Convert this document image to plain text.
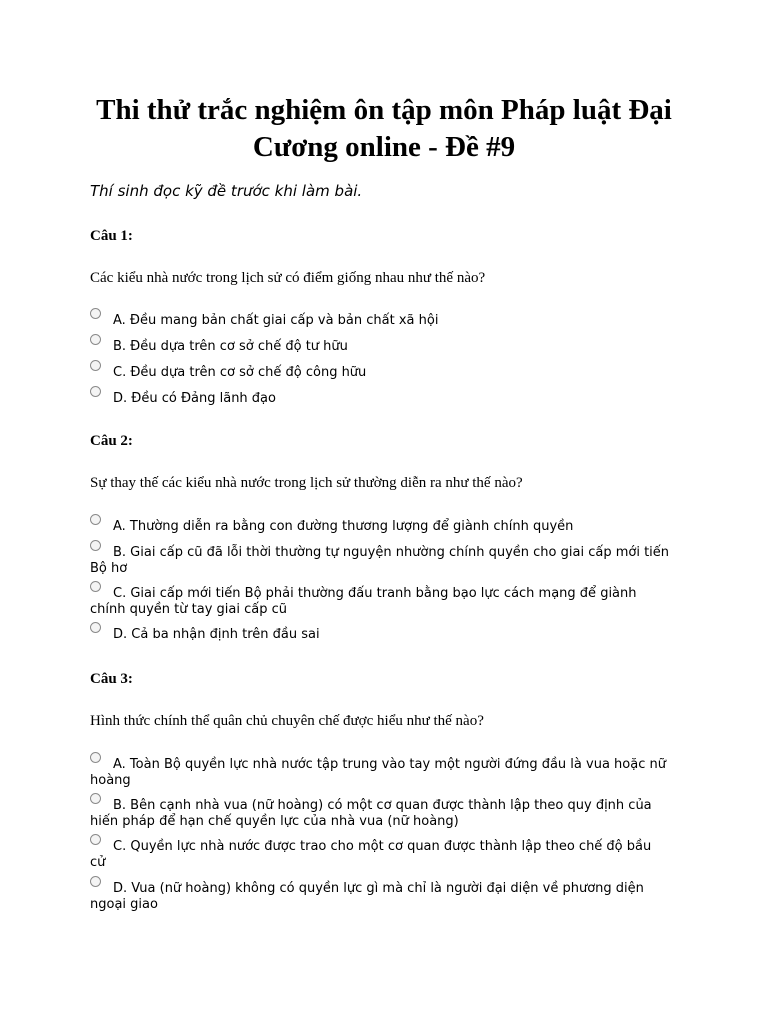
Thi thử trắc nghiệm ôn tập môn Pháp luật Đại Cương online - Đề #9

Thí sinh đọc kỹ đề trước khi làm bài.

Câu 1:

Các kiểu nhà nước trong lịch sử có điểm giống nhau như thế nào?

A. Đều mang bản chất giai cấp và bản chất xã hội
B. Đều dựa trên cơ sở chế độ tư hữu
C. Đều dựa trên cơ sở chế độ công hữu
D. Đều có Đảng lãnh đạo

Câu 2:

Sự thay thế các kiểu nhà nước trong lịch sử thường diễn ra như thế nào?

A. Thường diễn ra bằng con đường thương lượng để giành chính quyền
B. Giai cấp cũ đã lỗi thời thường tự nguyện nhường chính quyền cho giai cấp mới tiến Bộ hơ
C. Giai cấp mới tiến Bộ phải thường đấu tranh bằng bạo lực cách mạng để giành chính quyền từ tay giai cấp cũ
D. Cả ba nhận định trên đầu sai

Câu 3:

Hình thức chính thể quân chủ chuyên chế được hiểu như thế nào?

A. Toàn Bộ quyền lực nhà nước tập trung vào tay một người đứng đầu là vua hoặc nữ hoàng
B. Bên cạnh nhà vua (nữ hoàng) có một cơ quan được thành lập theo quy định của hiến pháp để hạn chế quyền lực của nhà vua (nữ hoàng)
C. Quyền lực nhà nước được trao cho một cơ quan được thành lập theo chế độ bầu cử
D. Vua (nữ hoàng) không có quyền lực gì mà chỉ là người đại diện về phương diện ngoại giao
